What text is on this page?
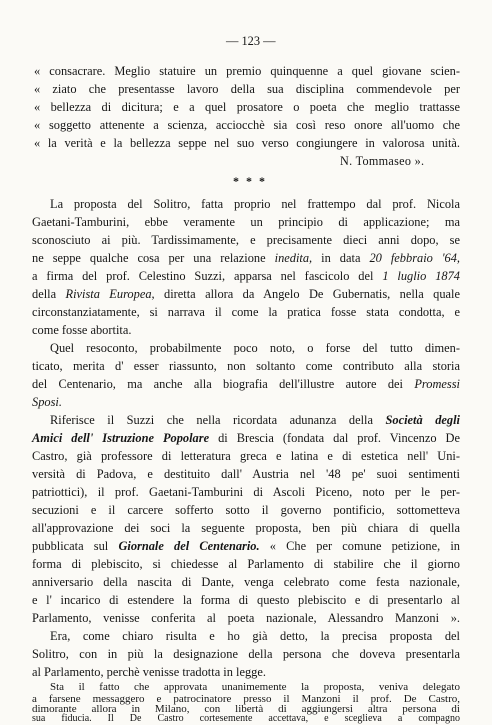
— 123 —

« consacrare. Meglio statuire un premio quinquenne a quel giovane scien-

« ziato che presentasse lavoro della sua disciplina commendevole per

« bellezza di dicitura; e a quel prosatore o poeta che meglio trattasse

« soggetto attenente a scienza, acciocchè sia così reso onore all'uomo che

« la verità e la bellezza seppe nel suo verso congiungere in valorosa unità.

N. Tommaseo ».
* * *

La proposta del Solitro, fatta proprio nel frattempo dal prof. Nicola

Gaetani-Tamburini, ebbe veramente un principio di applicazione; ma

sconosciuto ai più. Tardissimamente, e precisamente dieci anni dopo, se

ne seppe qualche cosa per una relazione inedita, in data 20 febbraio '64,

a firma del prof. Celestino Suzzi, apparsa nel fascicolo del 1 luglio 1874

della Rivista Europea, diretta allora da Angelo De Gubernatis, nella quale

circonstanziatamente, si narrava il come la pratica fosse stata condotta, e

come fosse abortita.

Quel resoconto, probabilmente poco noto, o forse del tutto dimen-

ticato, merita d' esser riassunto, non soltanto come contributo alla storia

del Centenario, ma anche alla biografia dell'illustre autore dei Promessi

Sposi.

Riferisce il Suzzi che nella ricordata adunanza della Società degli

Amici dell' Istruzione Popolare di Brescia (fondata dal prof. Vincenzo De

Castro, già professore di letteratura greca e latina e di estetica nell' Uni-

versità di Padova, e destituito dall' Austria nel '48 pe' suoi sentimenti

patriottici), il prof. Gaetani-Tamburini di Ascoli Piceno, noto per le per-

secuzioni e il carcere sofferto sotto il governo pontificio, sottometteva

all'approvazione dei soci la seguente proposta, ben più chiara di quella

pubblicata sul Giornale del Centenario. « Che per comune petizione, in

forma di plebiscito, si chiedesse al Parlamento di stabilire che il giorno

anniversario della nascita di Dante, venga celebrato come festa nazionale,

e l' incarico di estendere la forma di questo plebiscito e di presentarlo al

Parlamento, venisse conferita al poeta nazionale, Alessandro Manzoni ».

Era, come chiaro risulta e ho già detto, la precisa proposta del

Solitro, con in più la designazione della persona che doveva presentarla

al Parlamento, perchè venisse tradotta in legge.

Sta il fatto che approvata unanimemente la proposta, veniva delegato

a farsene messaggero e patrocinatore presso il Manzoni il prof. De Castro,

dimorante allora in Milano, con libertà di aggiungersi altra persona di

sua fiducia. Il De Castro cortesemente accettava, e sceglieva a compagno
